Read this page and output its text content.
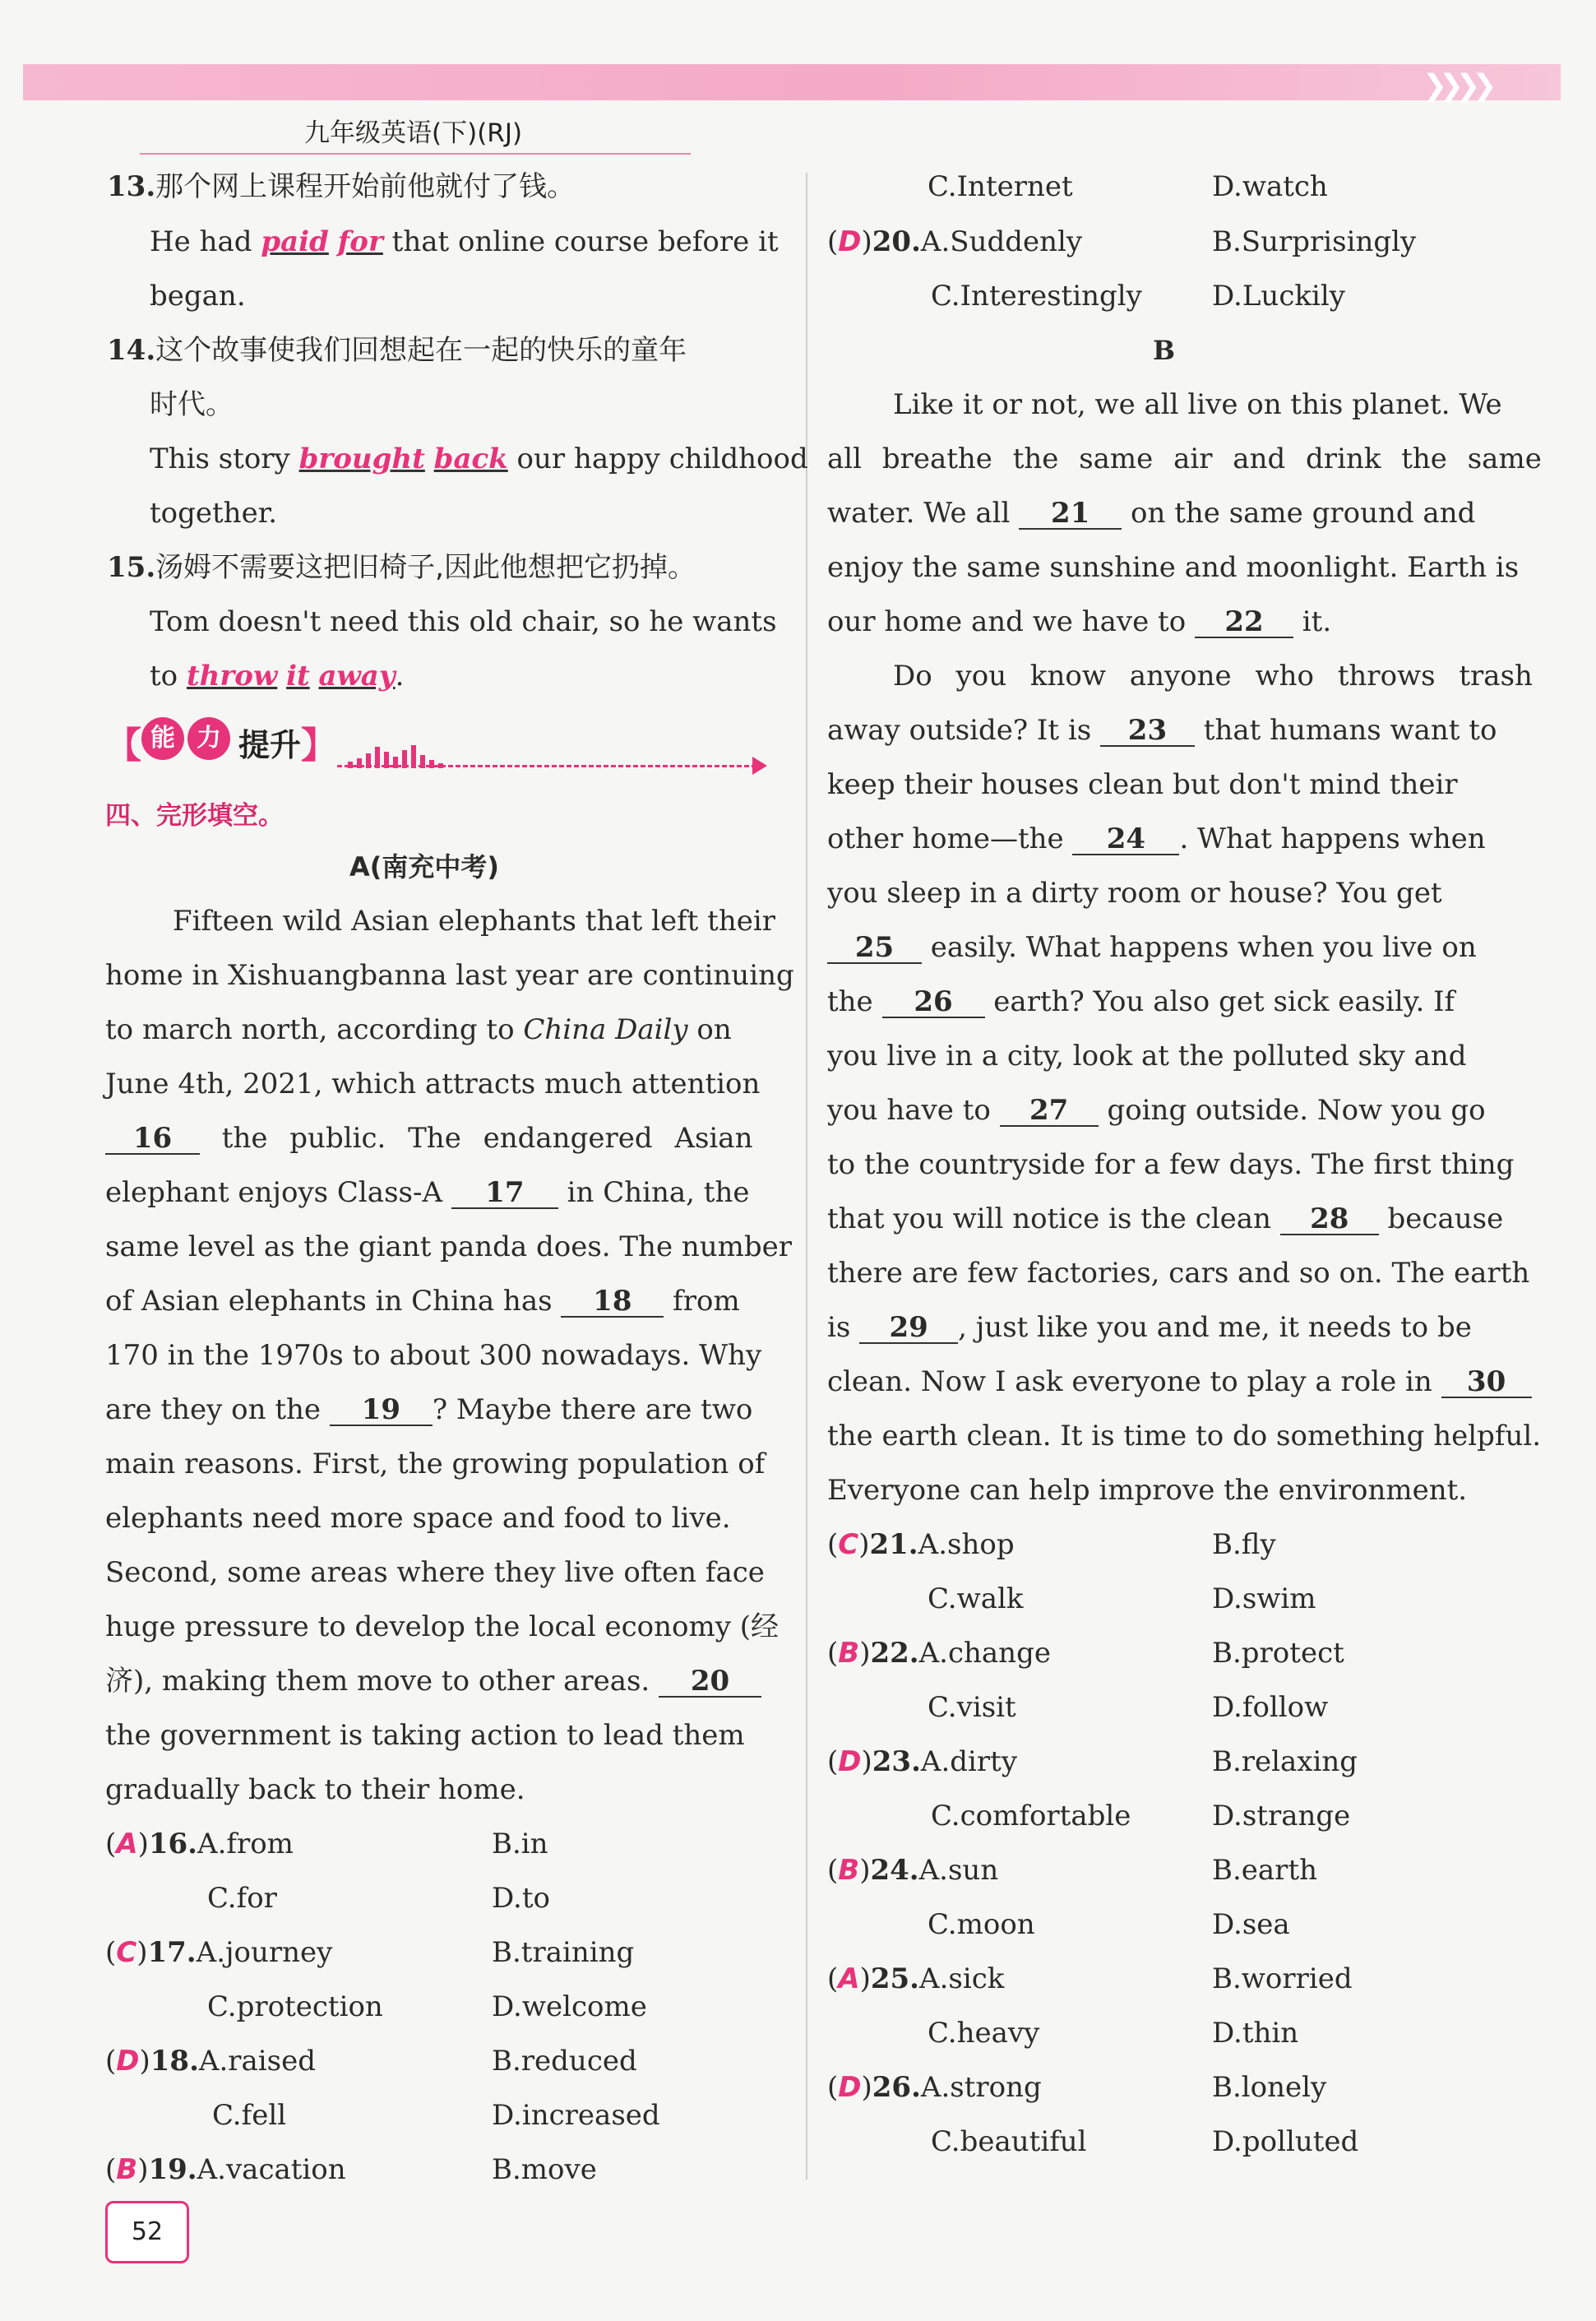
❯❯❯❯
九年级英语(下)(RJ)
13.那个网上课程开始前他就付了钱。
He had paid for that online course before it
began.
14.这个故事使我们回想起在一起的快乐的童年
时代。
This story brought back our happy childhood
together.
15.汤姆不需要这把旧椅子,因此他想把它扔掉。
Tom doesn't need this old chair, so he wants
to throw it away.
【 能 力 提升】
四、完形填空。
A(南充中考)
Fifteen wild Asian elephants that left their
home in Xishuangbanna last year are continuing
to march north, according to China Daily on
June 4th, 2021, which attracts much attention
16 the public. The endangered Asian
elephant enjoys Class-A 17 in China, the
same level as the giant panda does. The number
of Asian elephants in China has 18 from
170 in the 1970s to about 300 nowadays. Why
are they on the 19 ? Maybe there are two
main reasons. First, the growing population of
elephants need more space and food to live.
Second, some areas where they live often face
huge pressure to develop the local economy (经
济), making them move to other areas. 20
the government is taking action to lead them
gradually back to their home.
(A)16.A.from	B.in
C.for	D.to
(C)17.A.journey	B.training
C.protection	D.welcome
(D)18.A.raised	B.reduced
C.fell	D.increased
(B)19.A.vacation	B.move
C.Internet	D.watch
(D)20.A.Suddenly	B.Surprisingly
C.Interestingly	D.Luckily
B
Like it or not, we all live on this planet. We
all breathe the same air and drink the same
water. We all 21 on the same ground and
enjoy the same sunshine and moonlight. Earth is
our home and we have to 22 it.
Do you know anyone who throws trash
away outside? It is 23 that humans want to
keep their houses clean but don't mind their
other home—the 24 . What happens when
you sleep in a dirty room or house? You get
25 easily. What happens when you live on
the 26 earth? You also get sick easily. If
you live in a city, look at the polluted sky and
you have to 27 going outside. Now you go
to the countryside for a few days. The first thing
that you will notice is the clean 28 because
there are few factories, cars and so on. The earth
is 29 , just like you and me, it needs to be
clean. Now I ask everyone to play a role in 30
the earth clean. It is time to do something helpful.
Everyone can help improve the environment.
(C)21.A.shop	B.fly
C.walk	D.swim
(B)22.A.change	B.protect
C.visit	D.follow
(D)23.A.dirty	B.relaxing
C.comfortable	D.strange
(B)24.A.sun	B.earth
C.moon	D.sea
(A)25.A.sick	B.worried
C.heavy	D.thin
(D)26.A.strong	B.lonely
C.beautiful	D.polluted
52
